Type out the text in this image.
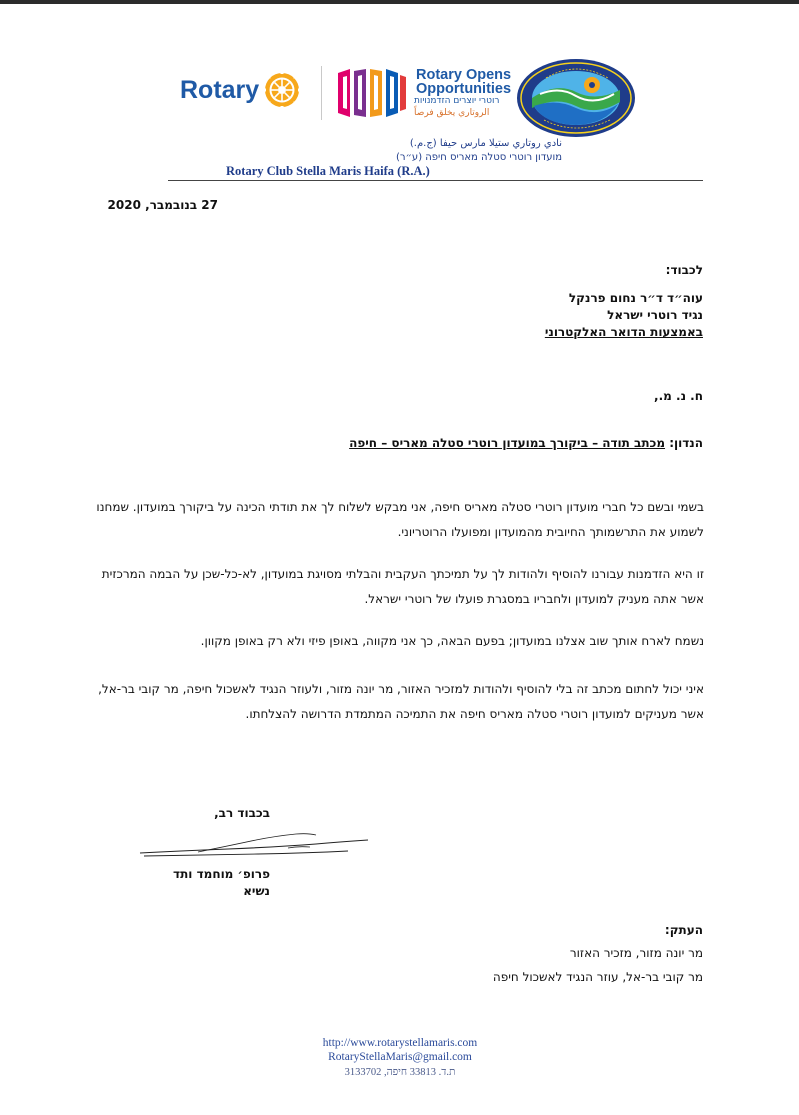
Rotary
Rotary Opens
Opportunities
רוטרי יוצרים הזדמנויות
الروتاري يخلق فرصاً
نادي روتاري ستيلا مارس حيفا (ج.م.)
מועדון רוטרי סטלה מאריס חיפה (ע״ר)
Rotary Club Stella Maris Haifa (R.A.)
27 בנובמבר, 2020
לכבוד:
עוה״ד ד״ר נחום פרנקל
נגיד רוטרי ישראל
באמצעות הדואר האלקטרוני
ח. נ. מ.,
הנדון: מכתב תודה – ביקורך במועדון רוטרי סטלה מאריס – חיפה
בשמי ובשם כל חברי מועדון רוטרי סטלה מאריס חיפה, אני מבקש לשלוח לך את תודתי הכינה על ביקורך במועדון. שמחנו לשמוע את התרשמותך החיובית מהמועדון ומפועלו הרוטריוני.
זו היא הזדמנות עבורנו להוסיף ולהודות לך על תמיכתך העקבית והבלתי מסויגת במועדון, לא-כל-שכן על הבמה המרכזית אשר אתה מעניק למועדון ולחבריו במסגרת פועלו של רוטרי ישראל.
נשמח לארח אותך שוב אצלנו במועדון; בפעם הבאה, כך אני מקווה, באופן פיזי ולא רק באופן מקוון.
איני יכול לחתום מכתב זה בלי להוסיף ולהודות למזכיר האזור, מר יונה מזור, ולעוזר הנגיד לאשכול חיפה, מר קובי בר-אל, אשר מעניקים למועדון רוטרי סטלה מאריס חיפה את התמיכה המתמדת הדרושה להצלחתו.
בכבוד רב,
פרופ׳ מוחמד ותד
נשיא
העתק:
מר יונה מזור, מזכיר האזור
מר קובי בר-אל, עוזר הנגיד לאשכול חיפה
http://www.rotarystellamaris.com
RotaryStellaMaris@gmail.com
ת.ד. 33813 חיפה, 3133702
